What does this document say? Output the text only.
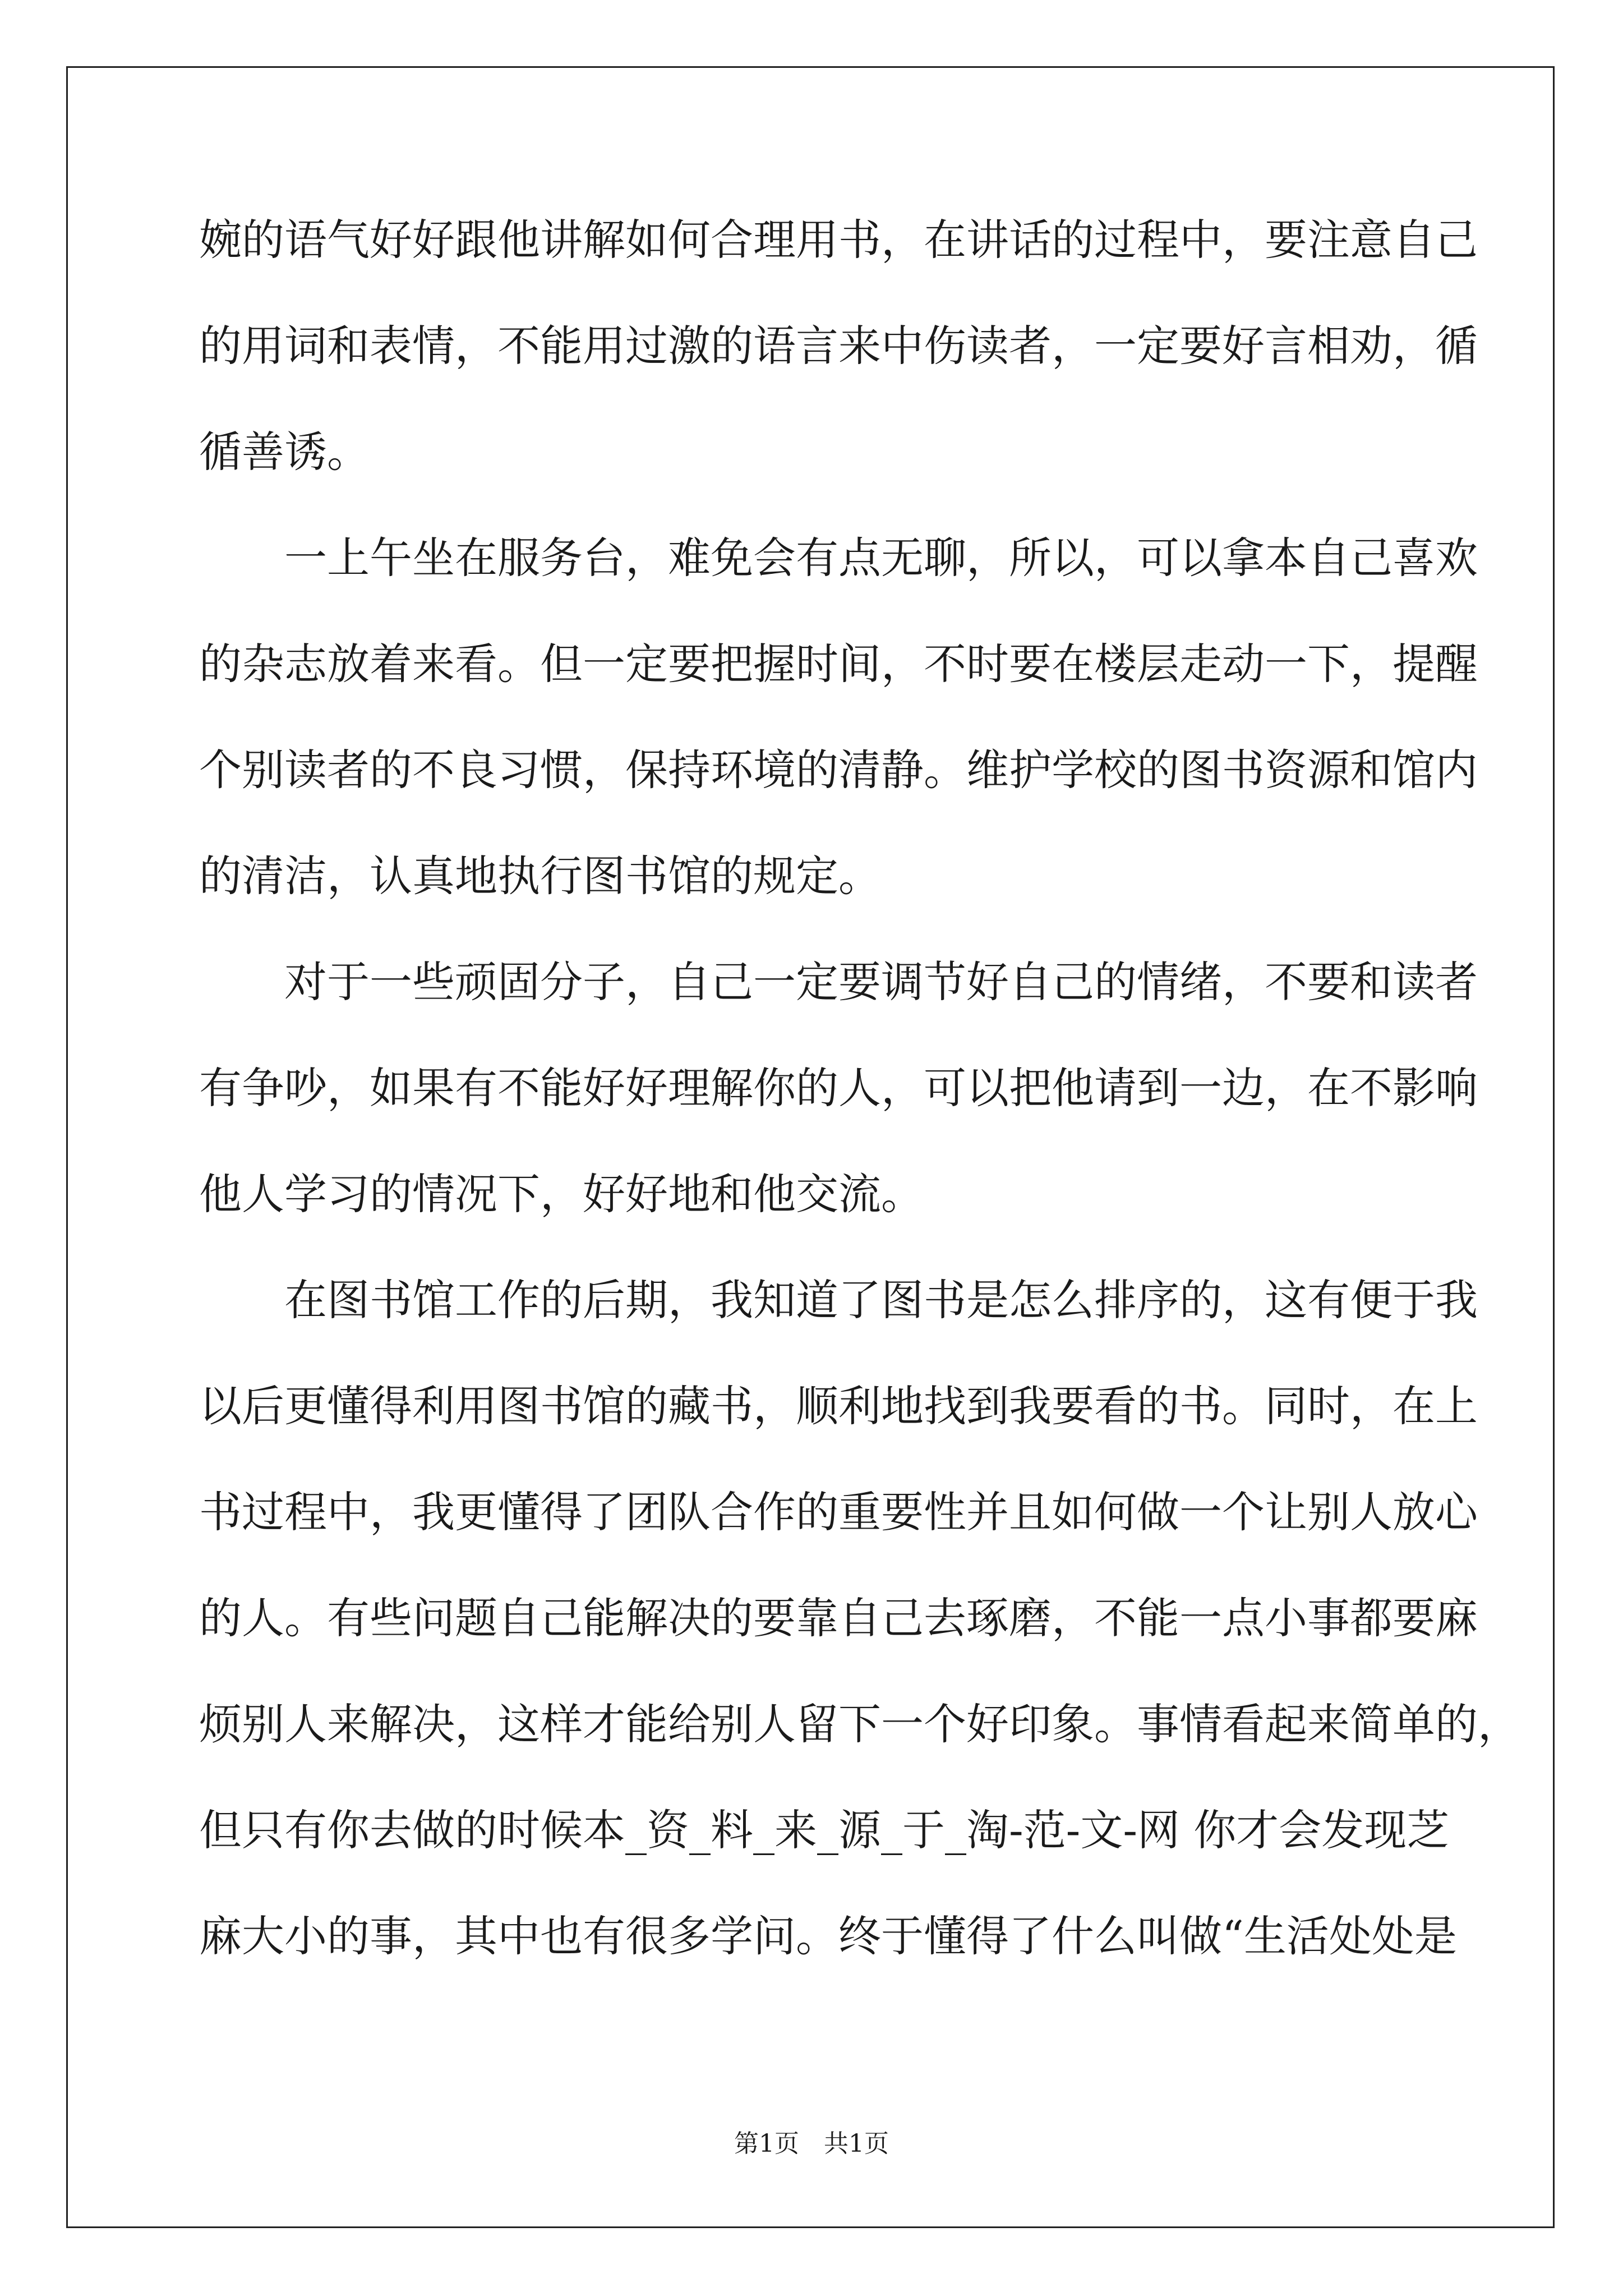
婉的语气好好跟他讲解如何合理用书，在讲话的过程中，要注意自己
的用词和表情，不能用过激的语言来中伤读者，一定要好言相劝，循
循善诱。
　　一上午坐在服务台，难免会有点无聊，所以，可以拿本自己喜欢
的杂志放着来看。但一定要把握时间，不时要在楼层走动一下，提醒
个别读者的不良习惯，保持环境的清静。维护学校的图书资源和馆内
的清洁，认真地执行图书馆的规定。
　　对于一些顽固分子，自己一定要调节好自己的情绪，不要和读者
有争吵，如果有不能好好理解你的人，可以把他请到一边，在不影响
他人学习的情况下，好好地和他交流。
　　在图书馆工作的后期，我知道了图书是怎么排序的，这有便于我
以后更懂得利用图书馆的藏书，顺利地找到我要看的书。同时，在上
书过程中，我更懂得了团队合作的重要性并且如何做一个让别人放心
的人。有些问题自己能解决的要靠自己去琢磨，不能一点小事都要麻
烦别人来解决，这样才能给别人留下一个好印象。事情看起来简单的，
但只有你去做的时候本_资_料_来_源_于_淘-范-文-网 你才会发现芝
麻大小的事，其中也有很多学问。终于懂得了什么叫做“生活处处是
第1页　共1页
